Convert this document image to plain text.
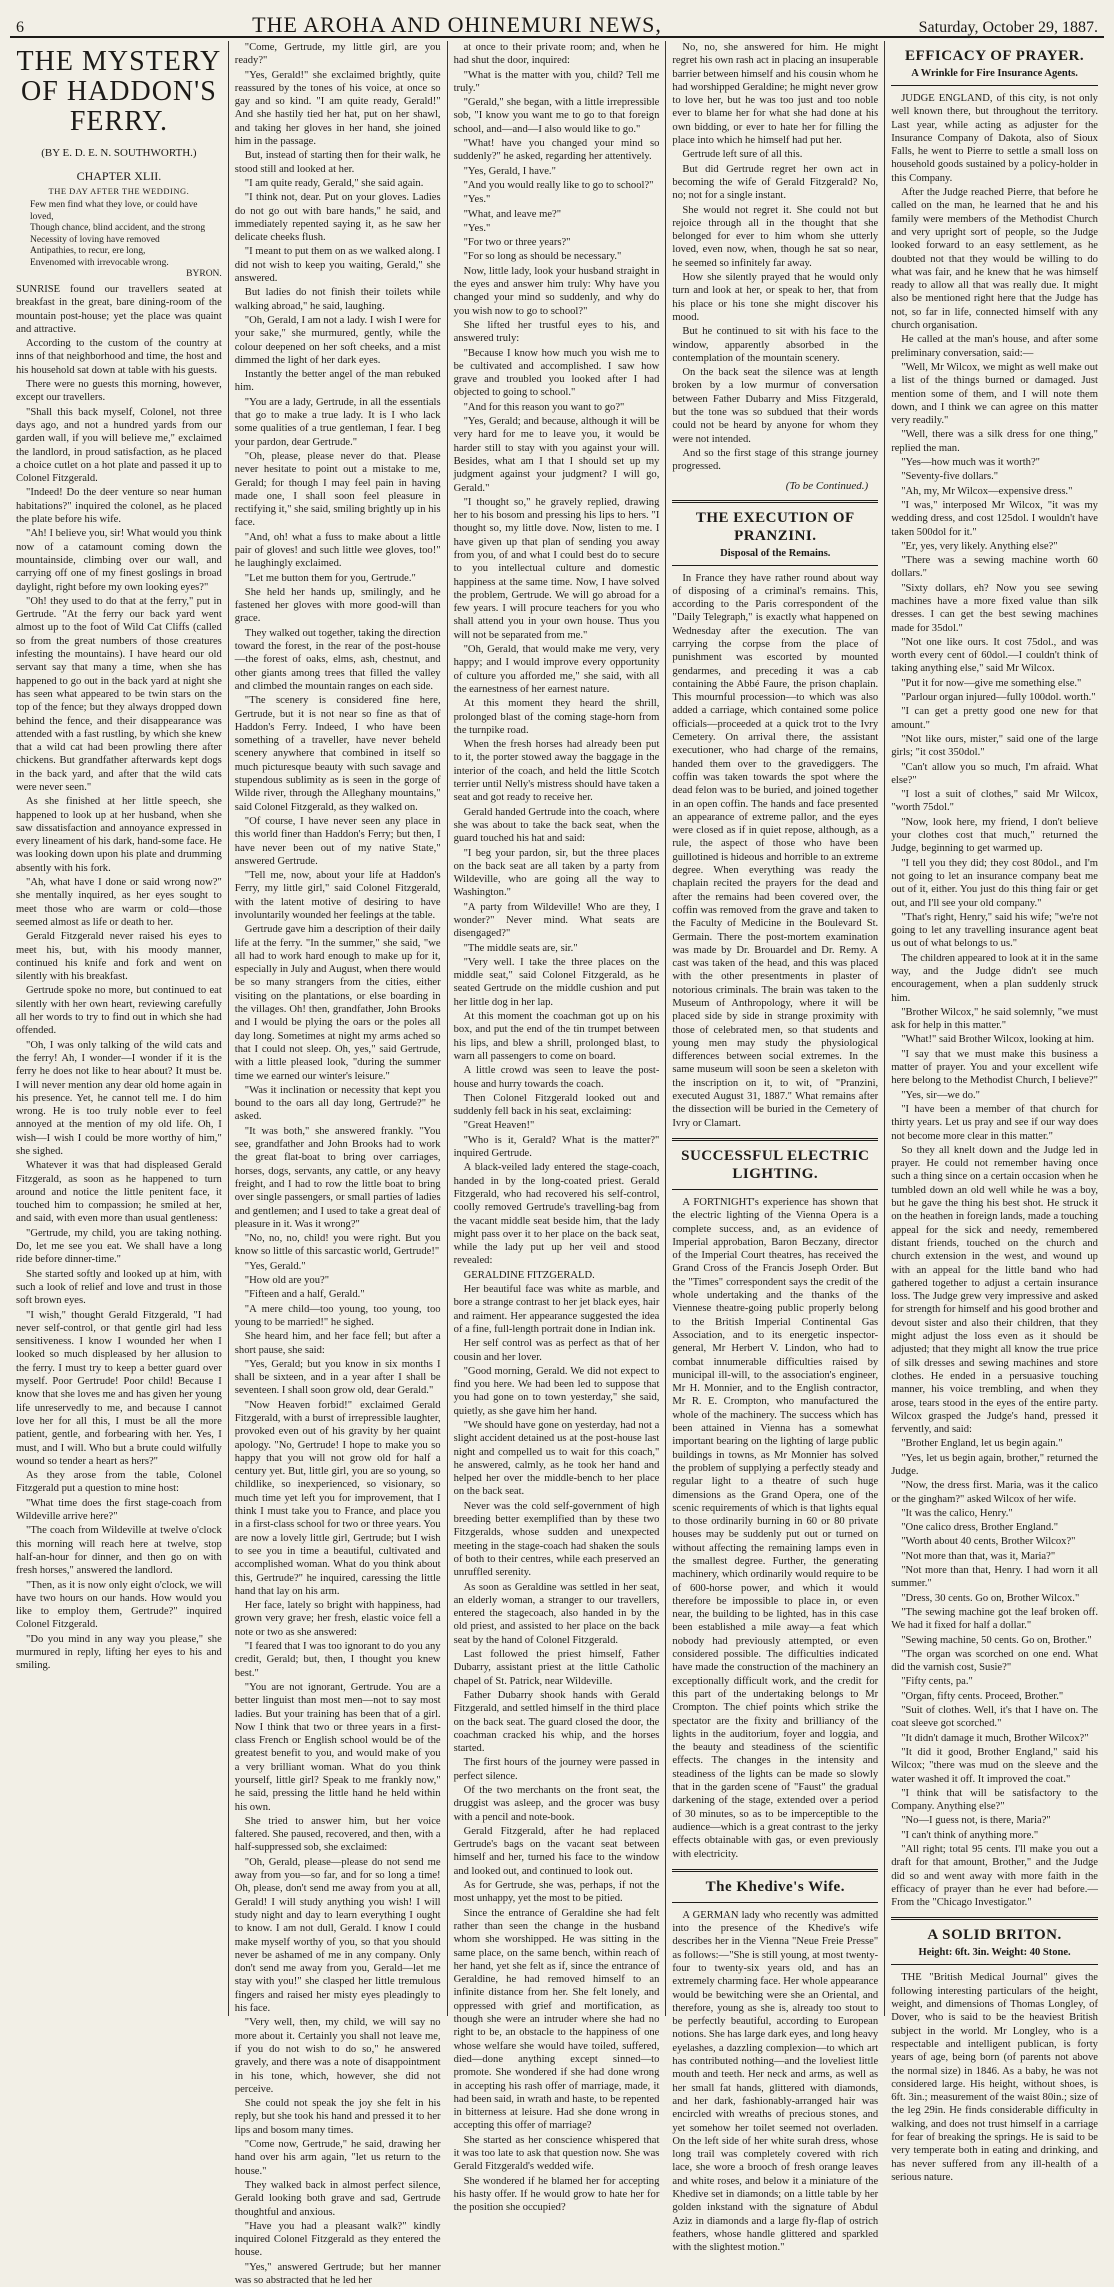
6	THE AROHA AND OHINEMURI NEWS,	Saturday, October 29, 1887.
THE MYSTERY OF HADDON'S FERRY.
(BY E. D. E. N. SOUTHWORTH.)
CHAPTER XLII.
THE DAY AFTER THE WEDDING.
Few men find what they love, or could have loved,
Though chance, blind accident, and the strong
Necessity of loving have removed
Antipathies, to recur, ere long,
Envenomed with irrevocable wrong.
BYRON.

SUNRISE found our travellers seated at breakfast in the great, bare dining-room of the mountain post-house; yet the place was quaint and attractive.

According to the custom of the country at inns of that neighborhood and time, the host and his household sat down at table with his guests.

There were no guests this morning, however, except our travellers.

"Shall this back myself, Colonel, not three days ago, and not a hundred yards from our garden wall, if you will believe me," exclaimed the landlord, in proud satisfaction, as he placed a choice cutlet on a hot plate and passed it up to Colonel Fitzgerald.

"Indeed! Do the deer venture so near human habitations?" inquired the colonel, as he placed the plate before his wife.

"Ah! I believe you, sir! What would you think now of a catamount coming down the mountainside, climbing over our wall, and carrying off one of my finest goslings in broad daylight, right before my own looking eyes?"

"Oh! they used to do that at the ferry," put in Gertrude. "At the ferry our back yard went almost up to the foot of Wild Cat Cliffs (called so from the great numbers of those creatures infesting the mountains). I have heard our old servant say that many a time, when she has happened to go out in the back yard at night she has seen what appeared to be twin stars on the top of the fence; but they always dropped down behind the fence, and their disappearance was attended with a fast rustling, by which she knew that a wild cat had been prowling there after chickens. But grandfather afterwards kept dogs in the back yard, and after that the wild cats were never seen."

As she finished at her little speech, she happened to look up at her husband, when she saw dissatisfaction and annoyance expressed in every lineament of his dark, hand-some face. He was looking down upon his plate and drumming absently with his fork.

"Ah, what have I done or said wrong now?" she mentally inquired, as her eyes sought to meet those who are warm or cold—those seemed almost as life or death to her.

Gerald Fitzgerald never raised his eyes to meet his, but, with his moody manner, continued his knife and fork and went on silently with his breakfast.

Gertrude spoke no more, but continued to eat silently with her own heart, reviewing carefully all her words to try to find out in which she had offended.

"Oh, I was only talking of the wild cats and the ferry! Ah, I wonder—I wonder if it is the ferry he does not like to hear about? It must be. I will never mention any dear old home again in his presence. Yet, he cannot tell me. I do him wrong. He is too truly noble ever to feel annoyed at the mention of my old life. Oh, I wish—I wish I could be more worthy of him," she sighed.

Whatever it was that had displeased Gerald Fitzgerald, as soon as he happened to turn around and notice the little penitent face, it touched him to compassion; he smiled at her, and said, with even more than usual gentleness:

"Gertrude, my child, you are taking nothing. Do, let me see you eat. We shall have a long ride before dinner-time."

She started softly and looked up at him, with such a look of relief and love and trust in those soft brown eyes.

"I wish," thought Gerald Fitzgerald, "I had never self-control, or that gentle girl had less sensitiveness. I know I wounded her when I looked so much displeased by her allusion to the ferry. I must try to keep a better guard over myself. Poor Gertrude! Poor child! Because I know that she loves me and has given her young life unreservedly to me, and because I cannot love her for all this, I must be all the more patient, gentle, and forbearing with her. Yes, I must, and I will. Who but a brute could wilfully wound so tender a heart as hers?"

As they arose from the table, Colonel Fitzgerald put a question to mine host:

"What time does the first stage-coach from Wildeville arrive here?"

"The coach from Wildeville at twelve o'clock this morning will reach here at twelve, stop half-an-hour for dinner, and then go on with fresh horses," answered the landlord.

"Then, as it is now only eight o'clock, we will have two hours on our hands. How would you like to employ them, Gertrude?" inquired Colonel Fitzgerald.

"Do you mind in any way you please," she murmured in reply, lifting her eyes to his and smiling.

"Come, Gertrude, my little girl, are you ready?"

"Yes, Gerald!" she exclaimed brightly, quite reassured by the tones of his voice, at once so gay and so kind. "I am quite ready, Gerald!" And she hastily tied her hat, put on her shawl, and taking her gloves in her hand, she joined him in the passage.

But, instead of starting then for their walk, he stood still and looked at her.

"I am quite ready, Gerald," she said again.

"I think not, dear. Put on your gloves. Ladies do not go out with bare hands," he said, and immediately repented saying it, as he saw her delicate cheeks flush.

"I meant to put them on as we walked along. I did not wish to keep you waiting, Gerald," she answered.

But ladies do not finish their toilets while walking abroad," he said, laughing.

"Oh, Gerald, I am not a lady. I wish I were for your sake," she murmured, gently, while the colour deepened on her soft cheeks, and a mist dimmed the light of her dark eyes.

Instantly the better angel of the man rebuked him.

"You are a lady, Gertrude, in all the essentials that go to make a true lady. It is I who lack some qualities of a true gentleman, I fear. I beg your pardon, dear Gertrude."

"Oh, please, please never do that. Please never hesitate to point out a mistake to me, Gerald; for though I may feel pain in having made one, I shall soon feel pleasure in rectifying it," she said, smiling brightly up in his face.

"And, oh! what a fuss to make about a little pair of gloves! and such little wee gloves, too!" he laughingly exclaimed.

"Let me button them for you, Gertrude."

She held her hands up, smilingly, and he fastened her gloves with more good-will than grace.

They walked out together, taking the direction toward the forest, in the rear of the post-house—the forest of oaks, elms, ash, chestnut, and other giants among trees that filled the valley and climbed the mountain ranges on each side.

"The scenery is considered fine here, Gertrude, but it is not near so fine as that of Haddon's Ferry. Indeed, I who have been something of a traveller, have never beheld scenery anywhere that combined in itself so much picturesque beauty with such savage and stupendous sublimity as is seen in the gorge of Wilde river, through the Alleghany mountains," said Colonel Fitzgerald, as they walked on.

"Of course, I have never seen any place in this world finer than Haddon's Ferry; but then, I have never been out of my native State," answered Gertrude.

"Tell me, now, about your life at Haddon's Ferry, my little girl," said Colonel Fitzgerald, with the latent motive of desiring to have involuntarily wounded her feelings at the table.

Gertrude gave him a description of their daily life at the ferry. "In the summer," she said, "we all had to work hard enough to make up for it, especially in July and August, when there would be so many strangers from the cities, either visiting on the plantations, or else boarding in the villages. Oh! then, grandfather, John Brooks and I would be plying the oars or the poles all day long. Sometimes at night my arms ached so that I could not sleep. Oh, yes," said Gertrude, with a little pleased look, "during the summer time we earned our winter's leisure."

"Was it inclination or necessity that kept you bound to the oars all day long, Gertrude?" he asked.

"It was both," she answered frankly. "You see, grandfather and John Brooks had to work the great flat-boat to bring over carriages, horses, dogs, servants, any cattle, or any heavy freight, and I had to row the little boat to bring over single passengers, or small parties of ladies and gentlemen; and I used to take a great deal of pleasure in it. Was it wrong?"

"No, no, no, child! you were right. But you know so little of this sarcastic world, Gertrude!"

"Yes, Gerald."

"How old are you?"

"Fifteen and a half, Gerald."

"A mere child—too young, too young, too young to be married!" he sighed.

She heard him, and her face fell; but after a short pause, she said:

"Yes, Gerald; but you know in six months I shall be sixteen, and in a year after I shall be seventeen. I shall soon grow old, dear Gerald."

"Now Heaven forbid!" exclaimed Gerald Fitzgerald, with a burst of irrepressible laughter, provoked even out of his gravity by her quaint apology. "No, Gertrude! I hope to make you so happy that you will not grow old for half a century yet. But, little girl, you are so young, so childlike, so inexperienced, so visionary, so much time yet left you for improvement, that I think I must take you to France, and place you in a first-class school for two or three years. You are now a lovely little girl, Gertrude; but I wish to see you in time a beautiful, cultivated and accomplished woman. What do you think about this, Gertrude?" he inquired, caressing the little hand that lay on his arm.

Her face, lately so bright with happiness, had grown very grave; her fresh, elastic voice fell a note or two as she answered:

"I feared that I was too ignorant to do you any credit, Gerald; but, then, I thought you knew best."

"You are not ignorant, Gertrude. You are a better linguist than most men—not to say most ladies. But your training has been that of a girl. Now I think that two or three years in a first-class French or English school would be of the greatest benefit to you, and would make of you a very brilliant woman. What do you think yourself, little girl? Speak to me frankly now," he said, pressing the little hand he held within his own.

She tried to answer him, but her voice faltered. She paused, recovered, and then, with a half-suppressed sob, she exclaimed:

"Oh, Gerald, please—please do not send me away from you—so far, and for so long a time! Oh, please, don't send me away from you at all, Gerald! I will study anything you wish! I will study night and day to learn everything I ought to know. I am not dull, Gerald. I know I could make myself worthy of you, so that you should never be ashamed of me in any company. Only don't send me away from you, Gerald—let me stay with you!" she clasped her little tremulous fingers and raised her misty eyes pleadingly to his face.

"Very well, then, my child, we will say no more about it. Certainly you shall not leave me, if you do not wish to do so," he answered gravely, and there was a note of disappointment in his tone, which, however, she did not perceive.

She could not speak the joy she felt in his reply, but she took his hand and pressed it to her lips and bosom many times.

"Come now, Gertrude," he said, drawing her hand over his arm again, "let us return to the house."

They walked back in almost perfect silence, Gerald looking both grave and sad, Gertrude thoughtful and anxious.

"Have you had a pleasant walk?" kindly inquired Colonel Fitzgerald as they entered the house.

"Yes," answered Gertrude; but her manner was so abstracted that he led her

at once to their private room; and, when he had shut the door, inquired:

"What is the matter with you, child? Tell me truly."

"Gerald," she began, with a little irrepressible sob, "I know you want me to go to that foreign school, and—and—I also would like to go."

"What! have you changed your mind so suddenly?" he asked, regarding her attentively.

"Yes, Gerald, I have."

"And you would really like to go to school?"

"Yes."

"What, and leave me?"

"Yes."

"For two or three years?"

"For so long as should be necessary."

Now, little lady, look your husband straight in the eyes and answer him truly: Why have you changed your mind so suddenly, and why do you wish now to go to school?"

She lifted her trustful eyes to his, and answered truly:

"Because I know how much you wish me to be cultivated and accomplished. I saw how grave and troubled you looked after I had objected to going to school."

"And for this reason you want to go?"

"Yes, Gerald; and because, although it will be very hard for me to leave you, it would be harder still to stay with you against your will. Besides, what am I that I should set up my judgment against your judgment? I will go, Gerald."

"I thought so," he gravely replied, drawing her to his bosom and pressing his lips to hers. "I thought so, my little dove. Now, listen to me. I have given up that plan of sending you away from you, of and what I could best do to secure to you intellectual culture and domestic happiness at the same time. Now, I have solved the problem, Gertrude. We will go abroad for a few years. I will procure teachers for you who shall attend you in your own house. Thus you will not be separated from me."

"Oh, Gerald, that would make me very, very happy; and I would improve every opportunity of culture you afforded me," she said, with all the earnestness of her earnest nature.

At this moment they heard the shrill, prolonged blast of the coming stage-horn from the turnpike road.

When the fresh horses had already been put to it, the porter stowed away the baggage in the interior of the coach, and held the little Scotch terrier until Nelly's mistress should have taken a seat and got ready to receive her.

Gerald handed Gertrude into the coach, where she was about to take the back seat, when the guard touched his hat and said:

"I beg your pardon, sir, but the three places on the back seat are all taken by a party from Wildeville, who are going all the way to Washington."

"A party from Wildeville! Who are they, I wonder?" Never mind. What seats are disengaged?"

"The middle seats are, sir."

"Very well. I take the three places on the middle seat," said Colonel Fitzgerald, as he seated Gertrude on the middle cushion and put her little dog in her lap.

At this moment the coachman got up on his box, and put the end of the tin trumpet between his lips, and blew a shrill, prolonged blast, to warn all passengers to come on board.

A little crowd was seen to leave the post-house and hurry towards the coach.

Then Colonel Fitzgerald looked out and suddenly fell back in his seat, exclaiming:

"Great Heaven!"

"Who is it, Gerald? What is the matter?" inquired Gertrude.

A black-veiled lady entered the stage-coach, handed in by the long-coated priest. Gerald Fitzgerald, who had recovered his self-control, coolly removed Gertrude's travelling-bag from the vacant middle seat beside him, that the lady might pass over it to her place on the back seat, while the lady put up her veil and stood revealed:

GERALDINE FITZGERALD.

Her beautiful face was white as marble, and bore a strange contrast to her jet black eyes, hair and raiment. Her appearance suggested the idea of a fine, full-length portrait done in Indian ink.

Her self control was as perfect as that of her cousin and her lover.

"Good morning, Gerald. We did not expect to find you here. We had been led to suppose that you had gone on to town yesterday," she said, quietly, as she gave him her hand.

"We should have gone on yesterday, had not a slight accident detained us at the post-house last night and compelled us to wait for this coach," he answered, calmly, as he took her hand and helped her over the middle-bench to her place on the back seat.

Never was the cold self-government of high breeding better exemplified than by these two Fitzgeralds, whose sudden and unexpected meeting in the stage-coach had shaken the souls of both to their centres, while each preserved an unruffled serenity.

As soon as Geraldine was settled in her seat, an elderly woman, a stranger to our travellers, entered the stagecoach, also handed in by the old priest, and assisted to her place on the back seat by the hand of Colonel Fitzgerald.

Last followed the priest himself, Father Dubarry, assistant priest at the little Catholic chapel of St. Patrick, near Wildeville.

Father Dubarry shook hands with Gerald Fitzgerald, and settled himself in the third place on the back seat. The guard closed the door, the coachman cracked his whip, and the horses started.

The first hours of the journey were passed in perfect silence.

Of the two merchants on the front seat, the druggist was asleep, and the grocer was busy with a pencil and note-book.

Gerald Fitzgerald, after he had replaced Gertrude's bags on the vacant seat between himself and her, turned his face to the window and looked out, and continued to look out.

As for Gertrude, she was, perhaps, if not the most unhappy, yet the most to be pitied.

Since the entrance of Geraldine she had felt rather than seen the change in the husband whom she worshipped. He was sitting in the same place, on the same bench, within reach of her hand, yet she felt as if, since the entrance of Geraldine, he had removed himself to an infinite distance from her. She felt lonely, and oppressed with grief and mortification, as though she were an intruder where she had no right to be, an obstacle to the happiness of one whose welfare she would have toiled, suffered, died—done anything except sinned—to promote. She wondered if she had done wrong in accepting his rash offer of marriage, made, it had been said, in wrath and haste, to be repented in bitterness at leisure. Had she done wrong in accepting this offer of marriage?

She started as her conscience whispered that it was too late to ask that question now. She was Gerald Fitzgerald's wedded wife.

She wondered if he blamed her for accepting his hasty offer. If he would grow to hate her for the position she occupied?

No, no, she answered for him. He might regret his own rash act in placing an insuperable barrier between himself and his cousin whom he had worshipped Geraldine; he might never grow to love her, but he was too just and too noble ever to blame her for what she had done at his own bidding, or ever to hate her for filling the place into which he himself had put her.

Gertrude left sure of all this.

But did Gertrude regret her own act in becoming the wife of Gerald Fitzgerald? No, no; not for a single instant.

She would not regret it. She could not but rejoice through all in the thought that she belonged for ever to him whom she utterly loved, even now, when, though he sat so near, he seemed so infinitely far away.

How she silently prayed that he would only turn and look at her, or speak to her, that from his place or his tone she might discover his mood.

But he continued to sit with his face to the window, apparently absorbed in the contemplation of the mountain scenery.

On the back seat the silence was at length broken by a low murmur of conversation between Father Dubarry and Miss Fitzgerald, but the tone was so subdued that their words could not be heard by anyone for whom they were not intended.

And so the first stage of this strange journey progressed.

(To be Continued.)
THE EXECUTION OF PRANZINI.
Disposal of the Remains.

In France they have rather round about way of disposing of a criminal's remains. This, according to the Paris correspondent of the "Daily Telegraph," is exactly what happened on Wednesday after the execution. The van carrying the corpse from the place of punishment was escorted by mounted gendarmes, and preceding it was a cab containing the Abbé Faure, the prison chaplain. This mournful procession—to which was also added a carriage, which contained some police officials—proceeded at a quick trot to the Ivry Cemetery. On arrival there, the assistant executioner, who had charge of the remains, handed them over to the gravediggers. The coffin was taken towards the spot where the dead felon was to be buried, and joined together in an open coffin. The hands and face presented an appearance of extreme pallor, and the eyes were closed as if in quiet repose, although, as a rule, the aspect of those who have been guillotined is hideous and horrible to an extreme degree. When everything was ready the chaplain recited the prayers for the dead and after the remains had been covered over, the coffin was removed from the grave and taken to the Faculty of Medicine in the Boulevard St. Germain. There the post-mortem examination was made by Dr. Brouardel and Dr. Remy. A cast was taken of the head, and this was placed with the other presentments in plaster of notorious criminals. The brain was taken to the Museum of Anthropology, where it will be placed side by side in strange proximity with those of celebrated men, so that students and young men may study the physiological differences between social extremes. In the same museum will soon be seen a skeleton with the inscription on it, to wit, of "Pranzini, executed August 31, 1887." What remains after the dissection will be buried in the Cemetery of Ivry or Clamart.

SUCCESSFUL ELECTRIC LIGHTING.

A FORTNIGHT's experience has shown that the electric lighting of the Vienna Opera is a complete success, and, as an evidence of Imperial approbation, Baron Beczany, director of the Imperial Court theatres, has received the Grand Cross of the Francis Joseph Order. But the "Times" correspondent says the credit of the whole undertaking and the thanks of the Viennese theatre-going public properly belong to the British Imperial Continental Gas Association, and to its energetic inspector-general, Mr Herbert V. Lindon, who had to combat innumerable difficulties raised by municipal ill-will, to the association's engineer, Mr H. Monnier, and to the English contractor, Mr R. E. Crompton, who manufactured the whole of the machinery. The success which has been attained in Vienna has a somewhat important bearing on the lighting of large public buildings in towns, as Mr Monnier has solved the problem of supplying a perfectly steady and regular light to a theatre of such huge dimensions as the Grand Opera, one of the scenic requirements of which is that lights equal to those ordinarily burning in 60 or 80 private houses may be suddenly put out or turned on without affecting the remaining lamps even in the smallest degree. Further, the generating machinery, which ordinarily would require to be of 600-horse power, and which it would therefore be impossible to place in, or even near, the building to be lighted, has in this case been established a mile away—a feat which nobody had previously attempted, or even considered possible. The difficulties indicated have made the construction of the machinery an exceptionally difficult work, and the credit for this part of the undertaking belongs to Mr Crompton. The chief points which strike the spectator are the fixity and brilliancy of the lights in the auditorium, foyer and loggia, and the beauty and steadiness of the scientific effects. The changes in the intensity and steadiness of the lights can be made so slowly that in the garden scene of "Faust" the gradual darkening of the stage, extended over a period of 30 minutes, so as to be imperceptible to the audience—which is a great contrast to the jerky effects obtainable with gas, or even previously with electricity.

The Khedive's Wife.

A GERMAN lady who recently was admitted into the presence of the Khedive's wife describes her in the Vienna "Neue Freie Presse" as follows:—"She is still young, at most twenty-four to twenty-six years old, and has an extremely charming face. Her whole appearance would be bewitching were she an Oriental, and therefore, young as she is, already too stout to be perfectly beautiful, according to European notions. She has large dark eyes, and long heavy eyelashes, a dazzling complexion—to which art has contributed nothing—and the loveliest little mouth and teeth. Her neck and arms, as well as her small fat hands, glittered with diamonds, and her dark, fashionably-arranged hair was encircled with wreaths of precious stones, and yet somehow her toilet seemed not overladen. On the left side of her white surah dress, whose long trail was completely covered with rich lace, she wore a brooch of fresh orange leaves and white roses, and below it a miniature of the Khedive set in diamonds; on a little table by her golden inkstand with the signature of Abdul Aziz in diamonds and a large fly-flap of ostrich feathers, whose handle glittered and sparkled with the slightest motion."

EFFICACY OF PRAYER.
A Wrinkle for Fire Insurance Agents.

JUDGE ENGLAND, of this city, is not only well known there, but throughout the territory. Last year, while acting as adjuster for the Insurance Company of Dakota, also of Sioux Falls, he went to Pierre to settle a small loss on household goods sustained by a policy-holder in this Company.

After the Judge reached Pierre, that before he called on the man, he learned that he and his family were members of the Methodist Church and very upright sort of people, so the Judge looked forward to an easy settlement, as he doubted not that they would be willing to do what was fair, and he knew that he was himself ready to allow all that was really due. It might also be mentioned right here that the Judge has not, so far in life, connected himself with any church organisation.

He called at the man's house, and after some preliminary conversation, said:—

"Well, Mr Wilcox, we might as well make out a list of the things burned or damaged. Just mention some of them, and I will note them down, and I think we can agree on this matter very readily."

"Well, there was a silk dress for one thing," replied the man.

"Yes—how much was it worth?"

"Seventy-five dollars."

"Ah, my, Mr Wilcox—expensive dress."

"I was," interposed Mr Wilcox, "it was my wedding dress, and cost 125dol. I wouldn't have taken 500dol for it."

"Er, yes, very likely. Anything else?"

"There was a sewing machine worth 60 dollars."

"Sixty dollars, eh? Now you see sewing machines have a more fixed value than silk dresses. I can get the best sewing machines made for 35dol."

"Not one like ours. It cost 75dol., and was worth every cent of 60dol.—I couldn't think of taking anything else," said Mr Wilcox.

"Put it for now—give me something else."

"Parlour organ injured—fully 100dol. worth."

"I can get a pretty good one new for that amount."

"Not like ours, mister," said one of the large girls; "it cost 350dol."

"Can't allow you so much, I'm afraid. What else?"

"I lost a suit of clothes," said Mr Wilcox, "worth 75dol."

"Now, look here, my friend, I don't believe your clothes cost that much," returned the Judge, beginning to get warmed up.

"I tell you they did; they cost 80dol., and I'm not going to let an insurance company beat me out of it, either. You just do this thing fair or get out, and I'll see your old company."

"That's right, Henry," said his wife; "we're not going to let any travelling insurance agent beat us out of what belongs to us."

The children appeared to look at it in the same way, and the Judge didn't see much encouragement, when a plan suddenly struck him.

"Brother Wilcox," he said solemnly, "we must ask for help in this matter."

"What!" said Brother Wilcox, looking at him.

"I say that we must make this business a matter of prayer. You and your excellent wife here belong to the Methodist Church, I believe?"

"Yes, sir—we do."

"I have been a member of that church for thirty years. Let us pray and see if our way does not become more clear in this matter."

So they all knelt down and the Judge led in prayer. He could not remember having once such a thing since on a certain occasion when he tumbled down an old well while he was a boy, but he gave the thing his best shot. He struck it on the heathen in foreign lands, made a touching appeal for the sick and needy, remembered distant friends, touched on the church and church extension in the west, and wound up with an appeal for the little band who had gathered together to adjust a certain insurance loss. The Judge grew very impressive and asked for strength for himself and his good brother and devout sister and also their children, that they might adjust the loss even as it should be adjusted; that they might all know the true price of silk dresses and sewing machines and store clothes. He ended in a persuasive touching manner, his voice trembling, and when they arose, tears stood in the eyes of the entire party. Wilcox grasped the Judge's hand, pressed it fervently, and said:

"Brother England, let us begin again."

"Yes, let us begin again, brother," returned the Judge.

"Now, the dress first. Maria, was it the calico or the gingham?" asked Wilcox of her wife.

"It was the calico, Henry."

"One calico dress, Brother England."

"Worth about 40 cents, Brother Wilcox?"

"Not more than that, was it, Maria?"

"Not more than that, Henry. I had worn it all summer."

"Dress, 30 cents. Go on, Brother Wilcox."

"The sewing machine got the leaf broken off. We had it fixed for half a dollar."

"Sewing machine, 50 cents. Go on, Brother."

"The organ was scorched on one end. What did the varnish cost, Susie?"

"Fifty cents, pa."

"Organ, fifty cents. Proceed, Brother."

"Suit of clothes. Well, it's that I have on. The coat sleeve got scorched."

"It didn't damage it much, Brother Wilcox?"

"It did it good, Brother England," said his Wilcox; "there was mud on the sleeve and the water washed it off. It improved the coat."

"I think that will be satisfactory to the Company. Anything else?"

"No—I guess not, is there, Maria?"

"I can't think of anything more."

"All right; total 95 cents. I'll make you out a draft for that amount, Brother," and the Judge did so and went away with more faith in the efficacy of prayer than he ever had before.—From the "Chicago Investigator."

A SOLID BRITON.
Height: 6ft. 3in. Weight: 40 Stone.

THE "British Medical Journal" gives the following interesting particulars of the height, weight, and dimensions of Thomas Longley, of Dover, who is said to be the heaviest British subject in the world. Mr Longley, who is a respectable and intelligent publican, is forty years of age, being born (of parents not above the normal size) in 1846. As a baby, he was not considered large. His height, without shoes, is 6ft. 3in.; measurement of the waist 80in.; size of the leg 29in. He finds considerable difficulty in walking, and does not trust himself in a carriage for fear of breaking the springs. He is said to be very temperate both in eating and drinking, and has never suffered from any ill-health of a serious nature.
